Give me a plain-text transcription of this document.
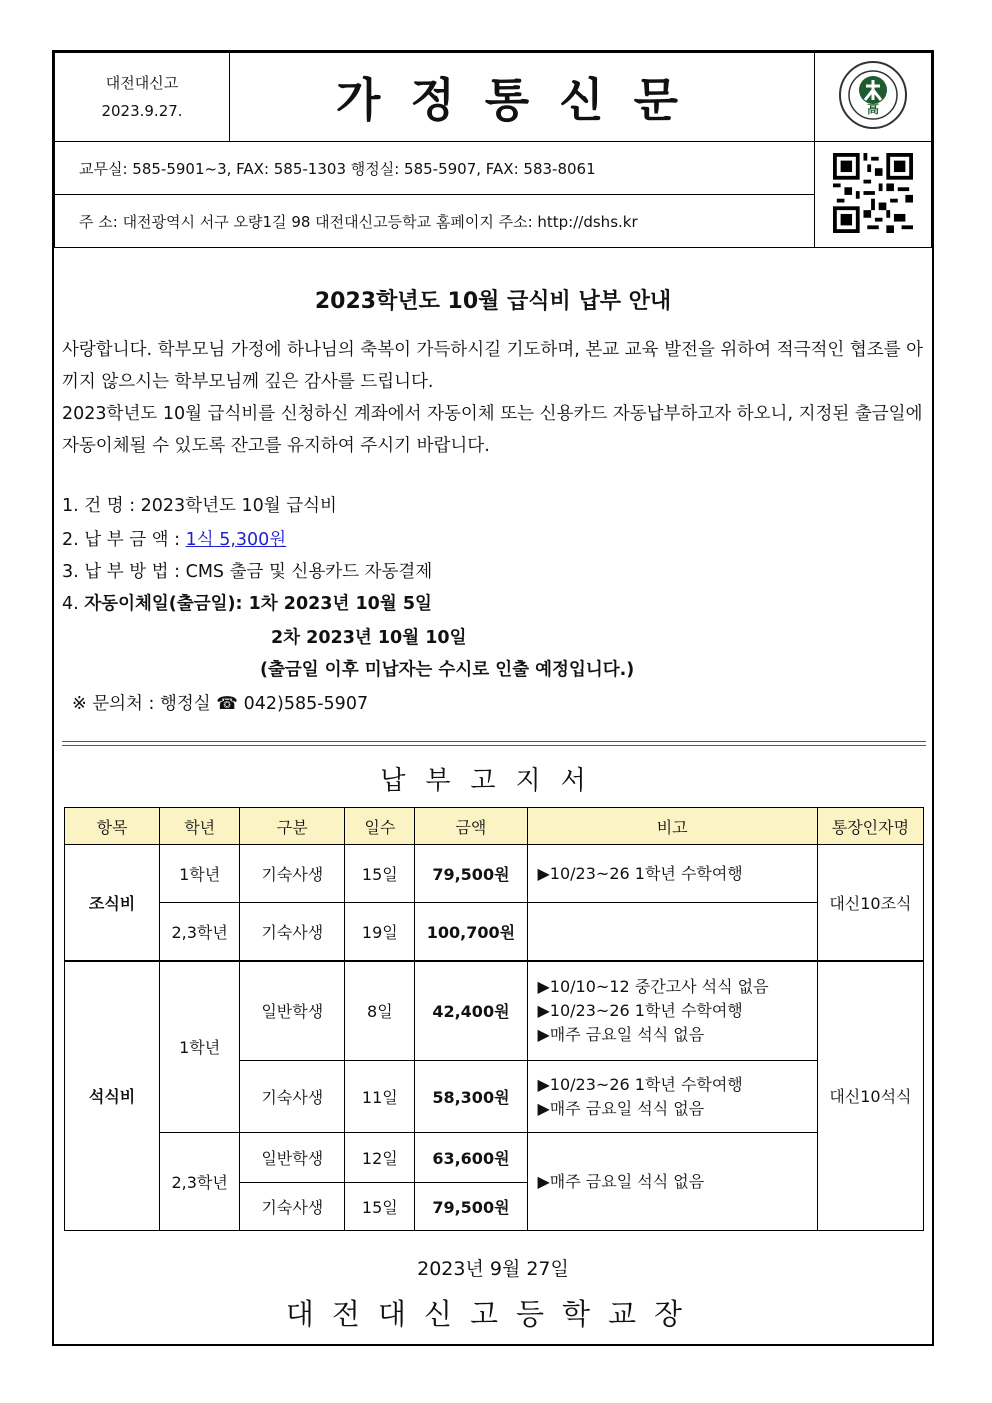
대전대신고
2023.9.27.	가정통신문	高

교무실: 585-5901~3, FAX: 585-1303 행정실: 585-5907, FAX: 583-8061	
주 소: 대전광역시 서구 오량1길 98 대전대신고등학교 홈페이지 주소: http://dshs.kr		
2023학년도 10월 급식비 납부 안내
사랑합니다. 학부모님 가정에 하나님의 축복이 가득하시길 기도하며, 본교 교육 발전을 위하여 적극적인 협조를 아끼지 않으시는 학부모님께 깊은 감사를 드립니다.
2023학년도 10월 급식비를 신청하신 계좌에서 자동이체 또는 신용카드 자동납부하고자 하오니, 지정된 출금일에 자동이체될 수 있도록 잔고를 유지하여 주시기 바랍니다.
1. 건 명 : 2023학년도 10월 급식비
2. 납 부 금 액 : 1식 5,300원
3. 납 부 방 법 : CMS 출금 및 신용카드 자동결제
4. 자동이체일(출금일): 1차 2023년 10월 5일
2차 2023년 10월 10일
(출금일 이후 미납자는 수시로 인출 예정입니다.)
※ 문의처 : 행정실 ☎ 042)585-5907
납부고지서
항목	학년	구분	일수	금액	비고	통장인자명
조식비	1학년	기숙사생	15일	79,500원	▶10/23~26 1학년 수학여행	대신10조식
	2,3학년	기숙사생	19일	100,700원		
석식비	1학년	일반학생	8일	42,400원	▶10/10~12 중간고사 석식 없음
▶10/23~26 1학년 수학여행
▶매주 금요일 석식 없음	대신10석식
		기숙사생	11일	58,300원	▶10/23~26 1학년 수학여행
▶매주 금요일 석식 없음	

	2,3학년	일반학생	12일	63,600원	▶매주 금요일 석식 없음	
		기숙사생	15일	79,500원		
2023년 9월 27일
대전대신고등학교장
